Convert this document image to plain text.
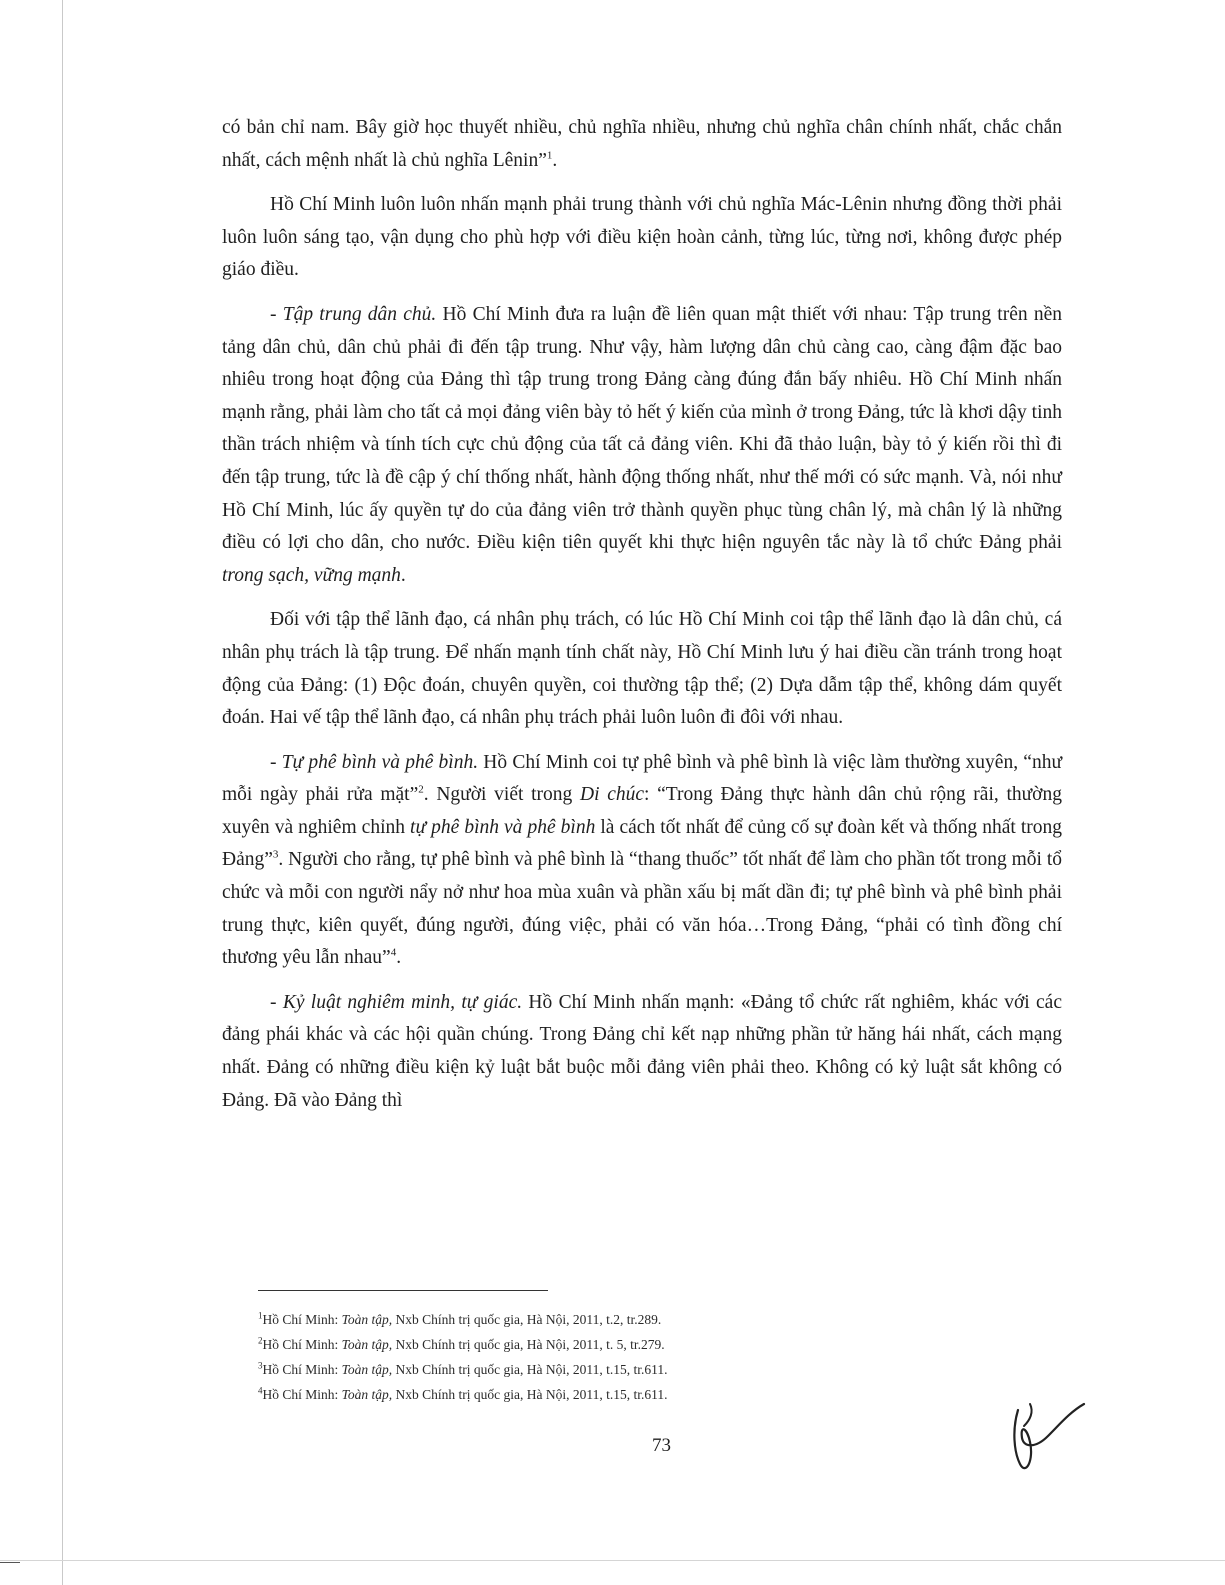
có bản chỉ nam. Bây giờ học thuyết nhiều, chủ nghĩa nhiều, nhưng chủ nghĩa chân chính nhất, chắc chắn nhất, cách mệnh nhất là chủ nghĩa Lênin”$^1$.

Hồ Chí Minh luôn luôn nhấn mạnh phải trung thành với chủ nghĩa Mác-Lênin nhưng đồng thời phải luôn luôn sáng tạo, vận dụng cho phù hợp với điều kiện hoàn cảnh, từng lúc, từng nơi, không được phép giáo điều.

- Tập trung dân chủ. Hồ Chí Minh đưa ra luận đề liên quan mật thiết với nhau: Tập trung trên nền tảng dân chủ, dân chủ phải đi đến tập trung. Như vậy, hàm lượng dân chủ càng cao, càng đậm đặc bao nhiêu trong hoạt động của Đảng thì tập trung trong Đảng càng đúng đắn bấy nhiêu. Hồ Chí Minh nhấn mạnh rằng, phải làm cho tất cả mọi đảng viên bày tỏ hết ý kiến của mình ở trong Đảng, tức là khơi dậy tinh thần trách nhiệm và tính tích cực chủ động của tất cả đảng viên. Khi đã thảo luận, bày tỏ ý kiến rồi thì đi đến tập trung, tức là đề cập ý chí thống nhất, hành động thống nhất, như thế mới có sức mạnh. Và, nói như Hồ Chí Minh, lúc ấy quyền tự do của đảng viên trở thành quyền phục tùng chân lý, mà chân lý là những điều có lợi cho dân, cho nước. Điều kiện tiên quyết khi thực hiện nguyên tắc này là tổ chức Đảng phải trong sạch, vững mạnh.

Đối với tập thể lãnh đạo, cá nhân phụ trách, có lúc Hồ Chí Minh coi tập thể lãnh đạo là dân chủ, cá nhân phụ trách là tập trung. Để nhấn mạnh tính chất này, Hồ Chí Minh lưu ý hai điều cần tránh trong hoạt động của Đảng: (1) Độc đoán, chuyên quyền, coi thường tập thể; (2) Dựa dẫm tập thể, không dám quyết đoán. Hai vế tập thể lãnh đạo, cá nhân phụ trách phải luôn luôn đi đôi với nhau.

- Tự phê bình và phê bình. Hồ Chí Minh coi tự phê bình và phê bình là việc làm thường xuyên, “như mỗi ngày phải rửa mặt”$^2$. Người viết trong Di chúc: “Trong Đảng thực hành dân chủ rộng rãi, thường xuyên và nghiêm chỉnh tự phê bình và phê bình là cách tốt nhất để củng cố sự đoàn kết và thống nhất trong Đảng”$^3$. Người cho rằng, tự phê bình và phê bình là “thang thuốc” tốt nhất để làm cho phần tốt trong mỗi tổ chức và mỗi con người nẩy nở như hoa mùa xuân và phần xấu bị mất dần đi; tự phê bình và phê bình phải trung thực, kiên quyết, đúng người, đúng việc, phải có văn hóa…Trong Đảng, “phải có tình đồng chí thương yêu lẫn nhau”$^4$.

- Kỷ luật nghiêm minh, tự giác. Hồ Chí Minh nhấn mạnh: «Đảng tổ chức rất nghiêm, khác với các đảng phái khác và các hội quần chúng. Trong Đảng chỉ kết nạp những phần tử hăng hái nhất, cách mạng nhất. Đảng có những điều kiện kỷ luật bắt buộc mỗi đảng viên phải theo. Không có kỷ luật sắt không có Đảng. Đã vào Đảng thì

$^1$Hồ Chí Minh: Toàn tập, Nxb Chính trị quốc gia, Hà Nội, 2011, t.2, tr.289.
$^2$Hồ Chí Minh: Toàn tập, Nxb Chính trị quốc gia, Hà Nội, 2011, t. 5, tr.279.
$^3$Hồ Chí Minh: Toàn tập, Nxb Chính trị quốc gia, Hà Nội, 2011, t.15, tr.611.
$^4$Hồ Chí Minh: Toàn tập, Nxb Chính trị quốc gia, Hà Nội, 2011, t.15, tr.611.
73
